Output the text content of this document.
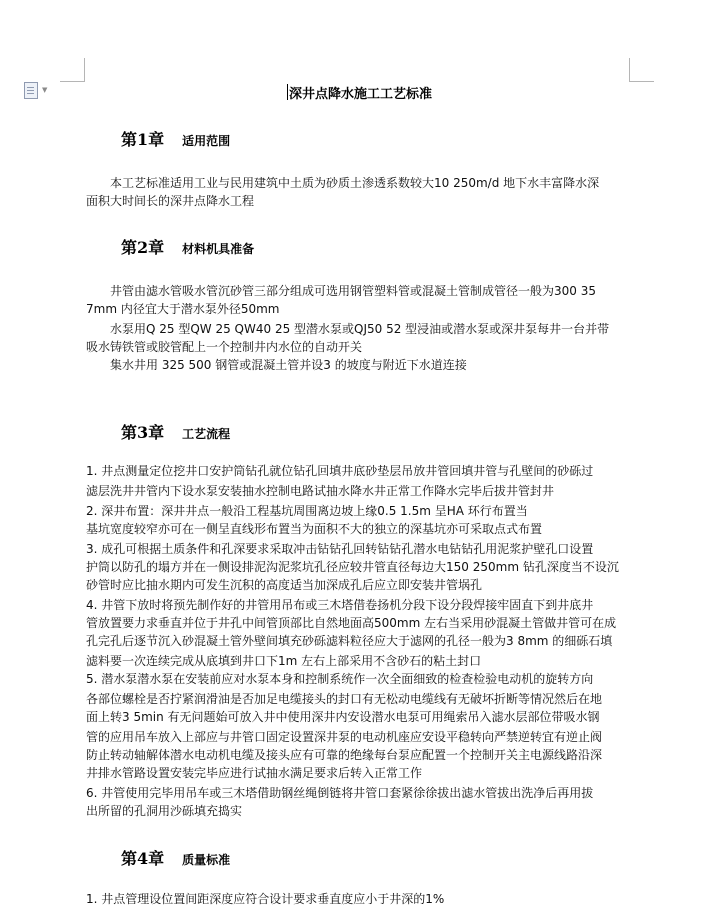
▼	深井点降水施工工艺标准
第1章 适用范围
本工艺标准适用工业与民用建筑中土质为砂质土渗透系数较大10 250m/d 地下水丰富降水深
面积大时间长的深井点降水工程
第2章 材料机具准备
井管由滤水管吸水管沉砂管三部分组成可选用钢管塑料管或混凝土管制成管径一般为300 35
7mm 内径宜大于潜水泵外径50mm
水泵用Q 25 型QW 25 QW40 25 型潜水泵或QJ50 52 型浸油或潜水泵或深井泵每井一台并带
吸水铸铁管或胶管配上一个控制井内水位的自动开关
集水井用 325 500 钢管或混凝土管并设3 的坡度与附近下水道连接
第3章 工艺流程
1. 井点测量定位挖井口安护筒钻孔就位钻孔回填井底砂垫层吊放井管回填井管与孔壁间的砂砾过
滤层洗井井管内下设水泵安装抽水控制电路试抽水降水井正常工作降水完毕后拔井管封井
2. 深井布置：深井井点一般沿工程基坑周围离边坡上缘0.5 1.5m 呈HA 环行布置当
基坑宽度较窄亦可在一侧呈直线形布置当为面积不大的独立的深基坑亦可采取点式布置
3. 成孔可根据土质条件和孔深要求采取冲击钻钻孔回转钻钻孔潜水电钻钻孔用泥浆护壁孔口设置
护筒以防孔的塌方并在一侧设排泥沟泥浆坑孔径应较井管直径每边大150 250mm 钻孔深度当不设沉
砂管时应比抽水期内可发生沉积的高度适当加深成孔后应立即安装井管埚孔
4. 井管下放时将预先制作好的井管用吊布或三木塔借卷扬机分段下设分段焊接牢固直下到井底井
管放置要力求垂直并位于井孔中间管顶部比自然地面高500mm 左右当采用砂混凝土管做井管可在成
孔完孔后逐节沉入砂混凝土管外壁间填充砂砾滤料粒径应大于滤网的孔径一般为3 8mm 的细砾石填
滤料要一次连续完成从底填到井口下1m 左右上部采用不含砂石的粘土封口
5. 潜水泵潜水泵在安装前应对水泵本身和控制系统作一次全面细致的检查检验电动机的旋转方向
各部位螺栓是否拧紧润滑油是否加足电缆接头的封口有无松动电缆线有无破坏折断等情况然后在地
面上转3 5min 有无问题始可放入井中使用深井内安设潜水电泵可用绳索吊入滤水层部位带吸水钢
管的应用吊车放入上部应与井管口固定设置深井泵的电动机座应安设平稳转向严禁逆转宜有逆止阀
防止转动轴解体潜水电动机电缆及接头应有可靠的绝缘每台泵应配置一个控制开关主电源线路沿深
井排水管路设置安装完毕应进行试抽水满足要求后转入正常工作
6. 井管使用完毕用吊车或三木塔借助钢丝绳倒链将井管口套紧徐徐拔出滤水管拔出洗净后再用拔
出所留的孔洞用沙砾填充捣实
第4章 质量标准
1. 井点管理设位置间距深度应符合设计要求垂直度应小于井深的1%
